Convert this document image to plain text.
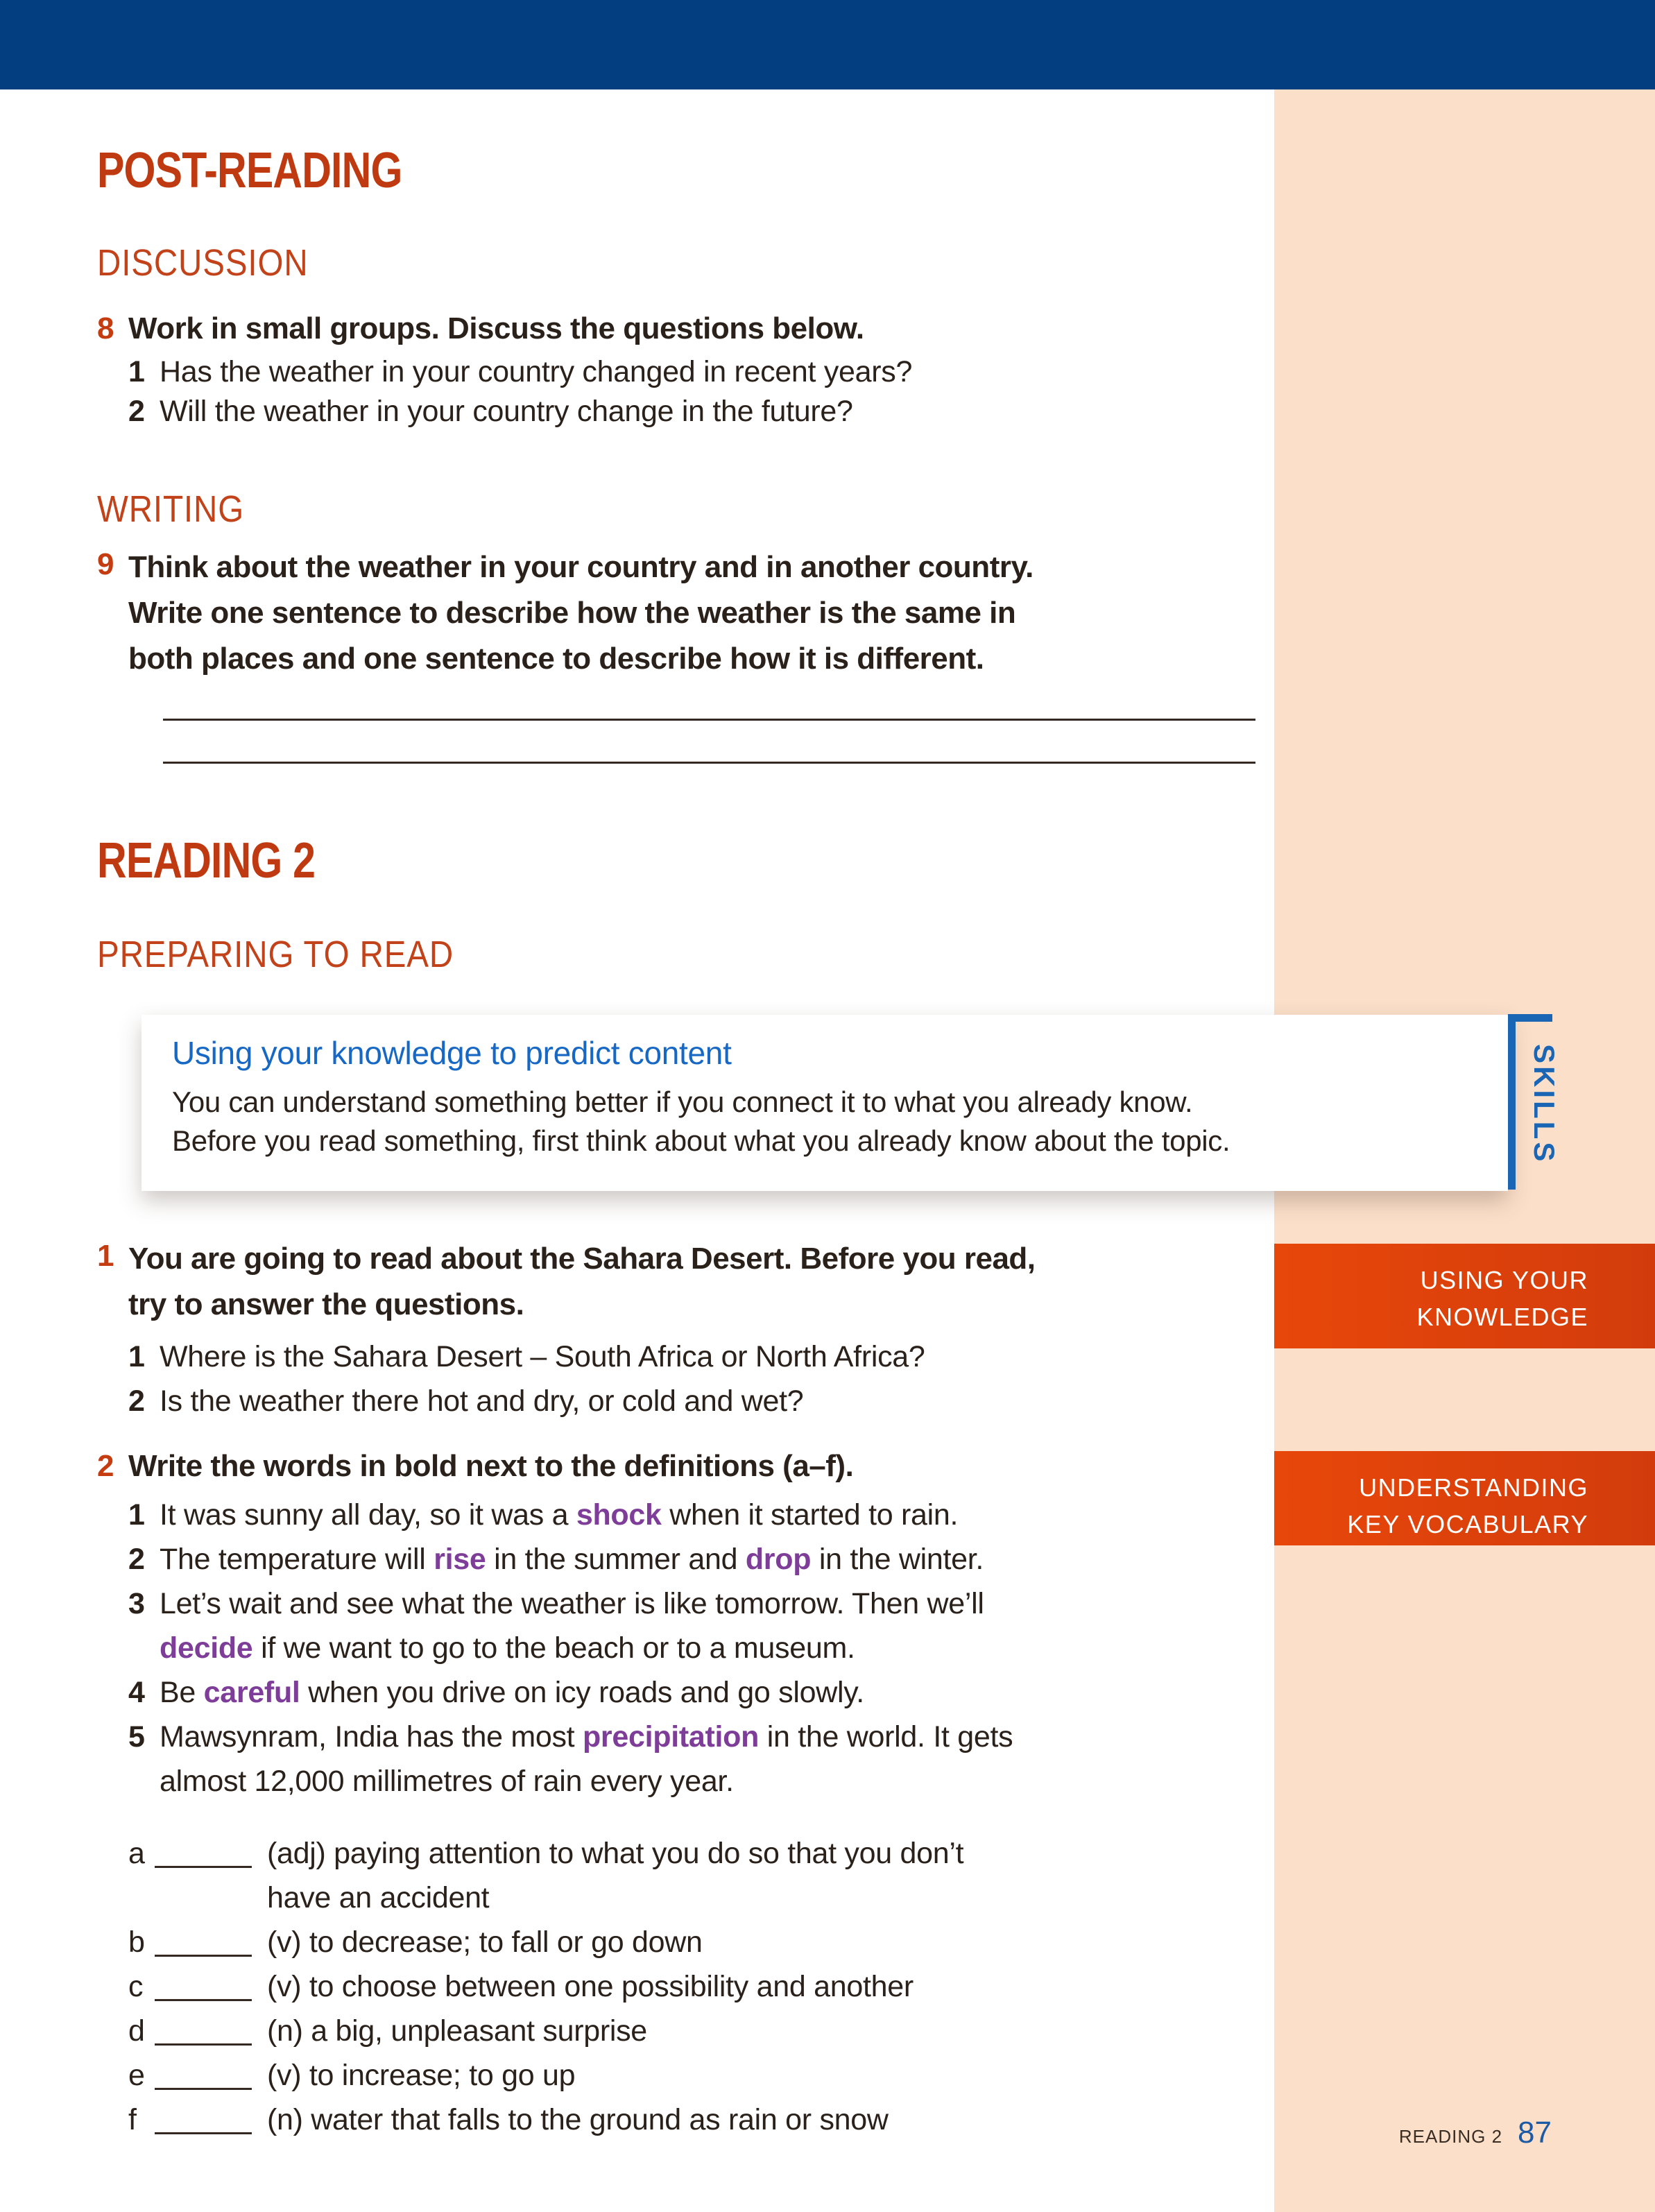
POST-READING
DISCUSSION
8 Work in small groups. Discuss the questions below.
1 Has the weather in your country changed in recent years?
2 Will the weather in your country change in the future?
WRITING
9 Think about the weather in your country and in another country.
Write one sentence to describe how the weather is the same in
both places and one sentence to describe how it is different.
READING 2
PREPARING TO READ
Using your knowledge to predict content
You can understand something better if you connect it to what you already know.
Before you read something, first think about what you already know about the topic.	SKILLS
1 You are going to read about the Sahara Desert. Before you read,
try to answer the questions.
1 Where is the Sahara Desert – South Africa or North Africa?
2 Is the weather there hot and dry, or cold and wet?
USING YOUR
KNOWLEDGE
UNDERSTANDING
KEY VOCABULARY
2 Write the words in bold next to the definitions (a–f).
1 It was sunny all day, so it was a shock when it started to rain.
2 The temperature will rise in the summer and drop in the winter.
3 Let’s wait and see what the weather is like tomorrow. Then we’ll
decide if we want to go to the beach or to a museum.
4 Be careful when you drive on icy roads and go slowly.
5 Mawsynram, India has the most precipitation in the world. It gets
almost 12,000 millimetres of rain every year.
a	(adj) paying attention to what you do so that you don’t
have an accident
b	(v) to decrease; to fall or go down
c	(v) to choose between one possibility and another
d	(n) a big, unpleasant surprise
e	(v) to increase; to go up
f	(n) water that falls to the ground as rain or snow	READING 2 87
